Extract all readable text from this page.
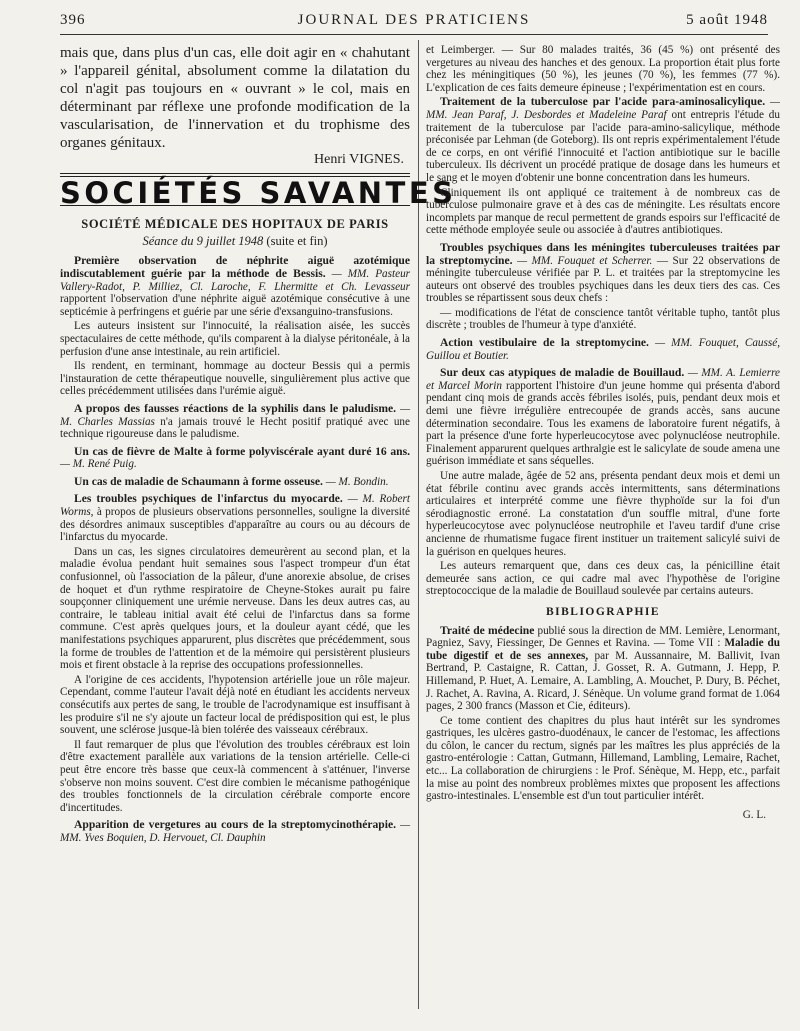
396	JOURNAL DES PRATICIENS	5 août 1948

mais que, dans plus d'un cas, elle doit agir en « chahutant » l'appareil génital, absolument comme la dilatation du col n'agit pas toujours en « ouvrant » le col, mais en déterminant par réflexe une profonde modification de la vascularisation, de l'innervation et du trophisme des organes génitaux.

Henri VIGNES.
SOCIÉTÉS SAVANTES
SOCIÉTÉ MÉDICALE DES HOPITAUX DE PARIS
Séance du 9 juillet 1948 (suite et fin)

Première observation de néphrite aiguë azotémique indiscutablement guérie par la méthode de Bessis. — MM. Pasteur Vallery-Radot, P. Milliez, Cl. Laroche, F. Lhermitte et Ch. Levasseur rapportent l'observation d'une néphrite aiguë azotémique consécutive à une septicémie à perfringens et guérie par une série d'exsanguino-transfusions.

Les auteurs insistent sur l'innocuité, la réalisation aisée, les succès spectaculaires de cette méthode, qu'ils comparent à la dialyse péritonéale, à la perfusion d'une anse intestinale, au rein artificiel.

Ils rendent, en terminant, hommage au docteur Bessis qui a permis l'instauration de cette thérapeutique nouvelle, singulièrement plus active que celles précédemment utilisées dans l'urémie aiguë.

A propos des fausses réactions de la syphilis dans le paludisme. — M. Charles Massias n'a jamais trouvé le Hecht positif pratiqué avec une technique rigoureuse dans le paludisme.

Un cas de fièvre de Malte à forme polyviscérale ayant duré 16 ans. — M. René Puig.

Un cas de maladie de Schaumann à forme osseuse. — M. Bondin.

Les troubles psychiques de l'infarctus du myocarde. — M. Robert Worms, à propos de plusieurs observations personnelles, souligne la diversité des désordres animaux susceptibles d'apparaître au cours ou au décours de l'infarctus du myocarde.

Dans un cas, les signes circulatoires demeurèrent au second plan, et la maladie évolua pendant huit semaines sous l'aspect trompeur d'un état confusionnel, où l'association de la pâleur, d'une anorexie absolue, de crises de hoquet et d'un rythme respiratoire de Cheyne-Stokes aurait pu faire soupçonner cliniquement une urémie nerveuse. Dans les deux autres cas, au contraire, le tableau initial avait été celui de l'infarctus dans sa forme commune. C'est après quelques jours, et la douleur ayant cédé, que les manifestations psychiques apparurent, plus discrètes que précédemment, sous la forme de troubles de l'attention et de la mémoire qui persistèrent plusieurs mois et firent obstacle à la reprise des occupations professionnelles.

A l'origine de ces accidents, l'hypotension artérielle joue un rôle majeur. Cependant, comme l'auteur l'avait déjà noté en étudiant les accidents nerveux consécutifs aux pertes de sang, le trouble de l'acrodynamique est insuffisant à les produire s'il ne s'y ajoute un facteur local de prédisposition qui est, le plus souvent, une sclérose jusque-là bien tolérée des vaisseaux cérébraux.

Il faut remarquer de plus que l'évolution des troubles cérébraux est loin d'être exactement parallèle aux variations de la tension artérielle. Celle-ci peut être encore très basse que ceux-là commencent à s'atténuer, l'inverse s'observe non moins souvent. C'est dire combien le mécanisme pathogénique des troubles fonctionnels de la circulation cérébrale comporte encore d'incertitudes.

Apparition de vergetures au cours de la streptomycinothérapie. — MM. Yves Boquien, D. Hervouet, Cl. Dauphin

et Leimberger. — Sur 80 malades traités, 36 (45 %) ont présenté des vergetures au niveau des hanches et des genoux. La proportion était plus forte chez les méningitiques (50 %), les jeunes (70 %), les femmes (77 %). L'explication de ces faits demeure épineuse ; l'expérimentation est en cours.

Traitement de la tuberculose par l'acide para-aminosalicylique. — MM. Jean Paraf, J. Desbordes et Madeleine Paraf ont entrepris l'étude du traitement de la tuberculose par l'acide para-amino-salicylique, méthode préconisée par Lehman (de Goteborg). Ils ont repris expérimentalement l'étude de ce corps, en ont vérifié l'innocuité et l'action antibiotique sur le bacille tuberculeux. Ils décrivent un procédé pratique de dosage dans les humeurs et le sang et le moyen d'obtenir une bonne concentration dans les humeurs.

Cliniquement ils ont appliqué ce traitement à de nombreux cas de tuberculose pulmonaire grave et à des cas de méningite. Les résultats encore incomplets par manque de recul permettent de grands espoirs sur l'efficacité de cette méthode employée seule ou associée à d'autres antibiotiques.

Troubles psychiques dans les méningites tuberculeuses traitées par la streptomycine. — MM. Fouquet et Scherrer. — Sur 22 observations de méningite tuberculeuse vérifiée par P. L. et traitées par la streptomycine les auteurs ont observé des troubles psychiques dans les deux tiers des cas. Ces troubles se répartissent sous deux chefs :

— modifications de l'état de conscience tantôt véritable tupho, tantôt plus discrète ; troubles de l'humeur à type d'anxiété.

Action vestibulaire de la streptomycine. — MM. Fouquet, Caussé, Guillou et Boutier.

Sur deux cas atypiques de maladie de Bouillaud. — MM. A. Lemierre et Marcel Morin rapportent l'histoire d'un jeune homme qui présenta d'abord pendant cinq mois de grands accès fébriles isolés, puis, pendant deux mois et demi une fièvre irrégulière entrecoupée de grands accès, sans aucune détermination secondaire. Tous les examens de laboratoire furent négatifs, à part la présence d'une forte hyperleucocytose avec polynucléose neutrophile. Finalement apparurent quelques arthralgie est le salicylate de soude amena une guérison immédiate et sans séquelles.

Une autre malade, âgée de 52 ans, présenta pendant deux mois et demi un état fébrile continu avec grands accès intermittents, sans déterminations articulaires et interprété comme une fièvre thyphoïde sur la foi d'un sérodiagnostic erroné. La constatation d'un souffle mitral, d'une forte hyperleucocytose avec polynucléose neutrophile et l'aveu tardif d'une crise ancienne de rhumatisme fugace firent instituer un traitement salicylé suivi de la guérison en quelques heures.

Les auteurs remarquent que, dans ces deux cas, la pénicilline était demeurée sans action, ce qui cadre mal avec l'hypothèse de l'origine streptococcique de la maladie de Bouillaud soulevée par certains auteurs.

BIBLIOGRAPHIE

Traité de médecine publié sous la direction de MM. Lemière, Lenormant, Pagniez, Savy, Fiessinger, De Gennes et Ravina. — Tome VII : Maladie du tube digestif et de ses annexes, par M. Aussannaire, M. Ballivit, Ivan Bertrand, P. Castaigne, R. Cattan, J. Gosset, R. A. Gutmann, J. Hepp, P. Hillemand, P. Huet, A. Lemaire, A. Lambling, A. Mouchet, P. Dury, B. Péchet, J. Rachet, A. Ravina, A. Ricard, J. Sénèque. Un volume grand format de 1.064 pages, 2 300 francs (Masson et Cie, éditeurs).

Ce tome contient des chapitres du plus haut intérêt sur les syndromes gastriques, les ulcères gastro-duodénaux, le cancer de l'estomac, les affections du côlon, le cancer du rectum, signés par les maîtres les plus appréciés de la gastro-entérologie : Cattan, Gutmann, Hillemand, Lambling, Lemaire, Rachet, etc... La collaboration de chirurgiens : le Prof. Sénèque, M. Hepp, etc., parfait la mise au point des nombreux problèmes mixtes que proposent les affections gastro-intestinales. L'ensemble est d'un tout particulier intérêt.

G. L.
